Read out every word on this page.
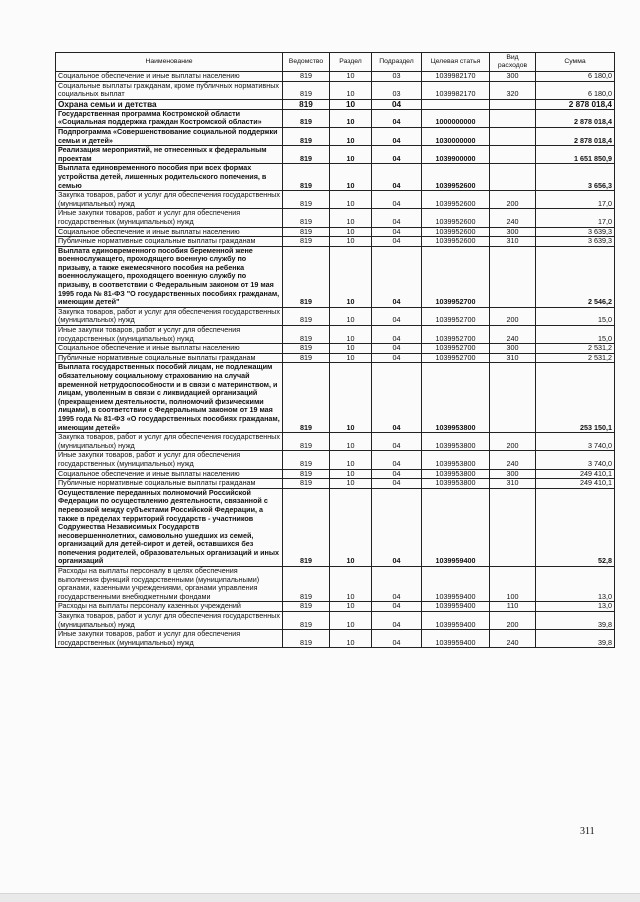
Наименование	Ведомство	Раздел	Подраздел	Целевая статья	Вид расходов	Сумма
Социальное обеспечение и иные выплаты населению	819	10	03	1039982170	300	6 180,0
Социальные выплаты гражданам, кроме публичных нормативных социальных выплат	819	10	03	1039982170	320	6 180,0
Охрана семьи и детства	819	10	04			2 878 018,4
Государственная программа Костромской области «Социальная поддержка граждан Костромской области»	819	10	04	1000000000		2 878 018,4
Подпрограмма «Совершенствование социальной поддержки семьи и детей»	819	10	04	1030000000		2 878 018,4
Реализация мероприятий, не отнесенных к федеральным проектам	819	10	04	1039900000		1 651 850,9
Выплата единовременного пособия при всех формах устройства детей, лишенных родительского попечения, в семью	819	10	04	1039952600		3 656,3
Закупка товаров, работ и услуг для обеспечения государственных (муниципальных) нужд	819	10	04	1039952600	200	17,0
Иные закупки товаров, работ и услуг для обеспечения государственных (муниципальных) нужд	819	10	04	1039952600	240	17,0
Социальное обеспечение и иные выплаты населению	819	10	04	1039952600	300	3 639,3
Публичные нормативные социальные выплаты гражданам	819	10	04	1039952600	310	3 639,3
Выплата единовременного пособия беременной жене военнослужащего, проходящего военную службу по призыву, а также ежемесячного пособия на ребенка военнослужащего, проходящего военную службу по призыву, в соответствии с Федеральным законом от 19 мая 1995 года № 81-ФЗ "О государственных пособиях гражданам, имеющим детей"	819	10	04	1039952700		2 546,2
Закупка товаров, работ и услуг для обеспечения государственных (муниципальных) нужд	819	10	04	1039952700	200	15,0
Иные закупки товаров, работ и услуг для обеспечения государственных (муниципальных) нужд	819	10	04	1039952700	240	15,0
Социальное обеспечение и иные выплаты населению	819	10	04	1039952700	300	2 531,2
Публичные нормативные социальные выплаты гражданам	819	10	04	1039952700	310	2 531,2
Выплата государственных пособий лицам, не подлежащим обязательному социальному страхованию на случай временной нетрудоспособности и в связи с материнством, и лицам, уволенным в связи с ликвидацией организаций (прекращением деятельности, полномочий физическими лицами), в соответствии с Федеральным законом от 19 мая 1995 года № 81-ФЗ «О государственных пособиях гражданам, имеющим детей»	819	10	04	1039953800		253 150,1
Закупка товаров, работ и услуг для обеспечения государственных (муниципальных) нужд	819	10	04	1039953800	200	3 740,0
Иные закупки товаров, работ и услуг для обеспечения государственных (муниципальных) нужд	819	10	04	1039953800	240	3 740,0
Социальное обеспечение и иные выплаты населению	819	10	04	1039953800	300	249 410,1
Публичные нормативные социальные выплаты гражданам	819	10	04	1039953800	310	249 410,1
Осуществление переданных полномочий Российской Федерации по осуществлению деятельности, связанной с перевозкой между субъектами Российской Федерации, а также в пределах территорий государств - участников Содружества Независимых Государств несовершеннолетних, самовольно ушедших из семей, организаций для детей-сирот и детей, оставшихся без попечения родителей, образовательных организаций и иных организаций	819	10	04	1039959400		52,8
Расходы на выплаты персоналу в целях обеспечения выполнения функций государственными (муниципальными) органами, казенными учреждениями, органами управления государственными внебюджетными фондами	819	10	04	1039959400	100	13,0
Расходы на выплаты персоналу казенных учреждений	819	10	04	1039959400	110	13,0
Закупка товаров, работ и услуг для обеспечения государственных (муниципальных) нужд	819	10	04	1039959400	200	39,8
Иные закупки товаров, работ и услуг для обеспечения государственных (муниципальных) нужд	819	10	04	1039959400	240	39,8
311
